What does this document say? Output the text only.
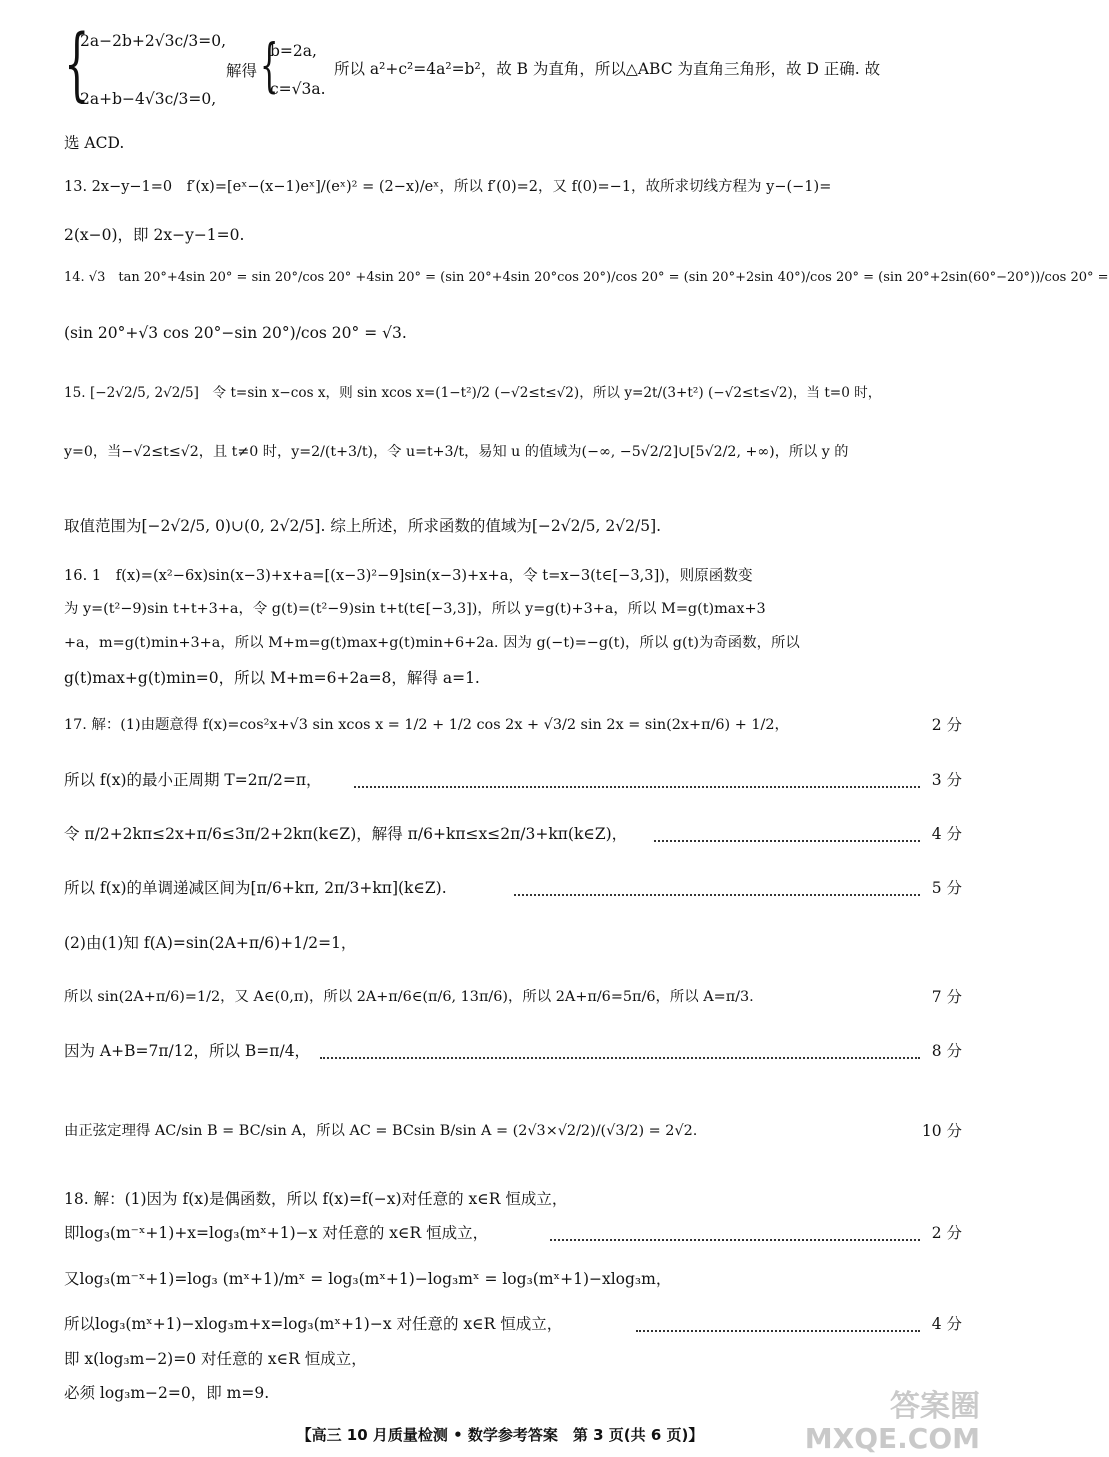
{
2a−2b+2√3c/3=0,
2a+b−4√3c/3=0,
解得 {
b=2a,
c=√3a.
所以 a²+c²=4a²=b²，故 B 为直角，所以△ABC 为直角三角形，故 D 正确. 故
选 ACD.
13. 2x−y−1=0　f′(x)=[eˣ−(x−1)eˣ]/(eˣ)² = (2−x)/eˣ，所以 f′(0)=2，又 f(0)=−1，故所求切线方程为 y−(−1)=
2(x−0)，即 2x−y−1=0.
14. √3　tan 20°+4sin 20° = sin 20°/cos 20° +4sin 20° = (sin 20°+4sin 20°cos 20°)/cos 20° = (sin 20°+2sin 40°)/cos 20° = (sin 20°+2sin(60°−20°))/cos 20° =
(sin 20°+√3 cos 20°−sin 20°)/cos 20° = √3.
15. [−2√2/5, 2√2/5]　令 t=sin x−cos x，则 sin xcos x=(1−t²)/2 (−√2≤t≤√2)，所以 y=2t/(3+t²) (−√2≤t≤√2)，当 t=0 时，
y=0，当−√2≤t≤√2，且 t≠0 时，y=2/(t+3/t)，令 u=t+3/t，易知 u 的值域为(−∞, −5√2/2]∪[5√2/2, +∞)，所以 y 的
取值范围为[−2√2/5, 0)∪(0, 2√2/5]. 综上所述，所求函数的值域为[−2√2/5, 2√2/5].
16. 1　f(x)=(x²−6x)sin(x−3)+x+a=[(x−3)²−9]sin(x−3)+x+a，令 t=x−3(t∈[−3,3])，则原函数变
为 y=(t²−9)sin t+t+3+a，令 g(t)=(t²−9)sin t+t(t∈[−3,3])，所以 y=g(t)+3+a，所以 M=g(t)max+3
+a，m=g(t)min+3+a，所以 M+m=g(t)max+g(t)min+6+2a. 因为 g(−t)=−g(t)，所以 g(t)为奇函数，所以
g(t)max+g(t)min=0，所以 M+m=6+2a=8，解得 a=1.
17. 解：(1)由题意得 f(x)=cos²x+√3 sin xcos x = 1/2 + 1/2 cos 2x + √3/2 sin 2x = sin(2x+π/6) + 1/2，	2 分
所以 f(x)的最小正周期 T=2π/2=π，	3 分
令 π/2+2kπ≤2x+π/6≤3π/2+2kπ(k∈Z)，解得 π/6+kπ≤x≤2π/3+kπ(k∈Z)，	4 分
所以 f(x)的单调递减区间为[π/6+kπ, 2π/3+kπ](k∈Z).	5 分
(2)由(1)知 f(A)=sin(2A+π/6)+1/2=1，
所以 sin(2A+π/6)=1/2，又 A∈(0,π)，所以 2A+π/6∈(π/6, 13π/6)，所以 2A+π/6=5π/6，所以 A=π/3.	7 分
因为 A+B=7π/12，所以 B=π/4，	8 分
由正弦定理得 AC/sin B = BC/sin A，所以 AC = BCsin B/sin A = (2√3×√2/2)/(√3/2) = 2√2.	10 分
18. 解：(1)因为 f(x)是偶函数，所以 f(x)=f(−x)对任意的 x∈R 恒成立，
即log₃(m⁻ˣ+1)+x=log₃(mˣ+1)−x 对任意的 x∈R 恒成立，	2 分
又log₃(m⁻ˣ+1)=log₃ (mˣ+1)/mˣ = log₃(mˣ+1)−log₃mˣ = log₃(mˣ+1)−xlog₃m，
所以log₃(mˣ+1)−xlog₃m+x=log₃(mˣ+1)−x 对任意的 x∈R 恒成立，	4 分
即 x(log₃m−2)=0 对任意的 x∈R 恒成立，
必须 log₃m−2=0，即 m=9.	答案圈
MXQE.COM
【高三 10 月质量检测 • 数学参考答案　第 3 页(共 6 页)】
